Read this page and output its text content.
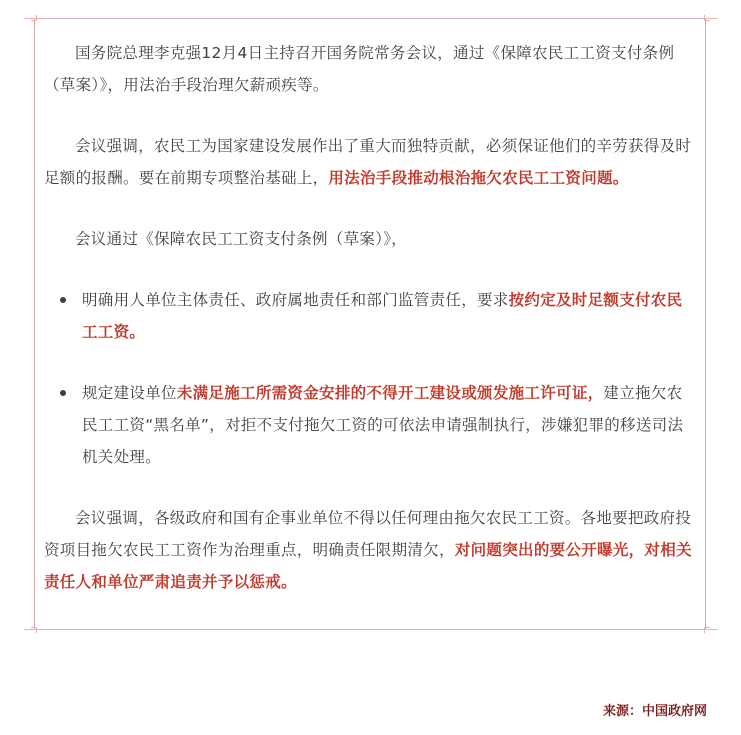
国务院总理李克强12月4日主持召开国务院常务会议，通过《保障农民工工资支付条例（草案）》，用法治手段治理欠薪顽疾等。

会议强调，农民工为国家建设发展作出了重大而独特贡献，必须保证他们的辛劳获得及时足额的报酬。要在前期专项整治基础上，用法治手段推动根治拖欠农民工工资问题。

会议通过《保障农民工工资支付条例（草案）》，

明确用人单位主体责任、政府属地责任和部门监管责任，要求按约定及时足额支付农民工工资。
规定建设单位未满足施工所需资金安排的不得开工建设或颁发施工许可证，建立拖欠农民工工资“黑名单”，对拒不支付拖欠工资的可依法申请强制执行，涉嫌犯罪的移送司法机关处理。

会议强调，各级政府和国有企事业单位不得以任何理由拖欠农民工工资。各地要把政府投资项目拖欠农民工工资作为治理重点，明确责任限期清欠，对问题突出的要公开曝光，对相关责任人和单位严肃追责并予以惩戒。

来源：中国政府网
